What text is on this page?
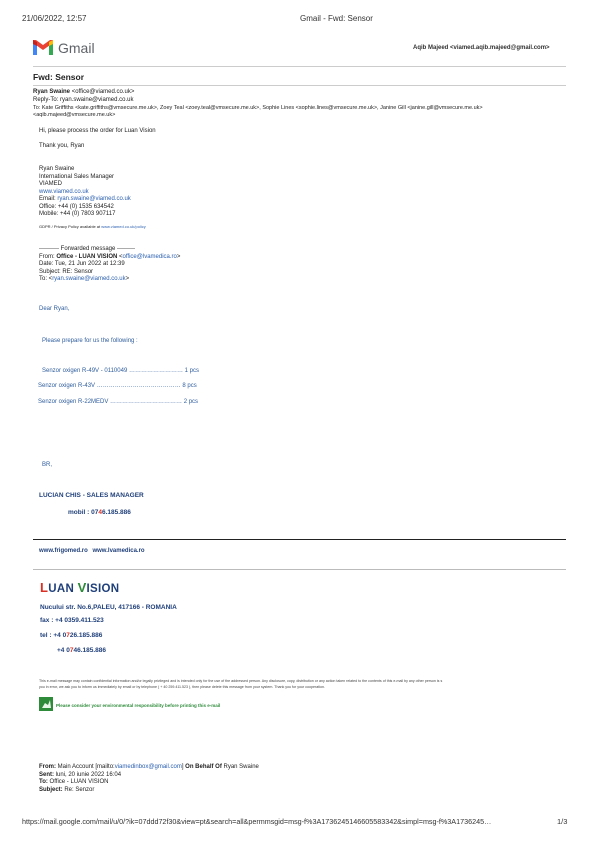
21/06/2022, 12:57	Gmail - Fwd: Sensor
Gmail	Aqib Majeed <viamed.aqib.majeed@gmail.com>
Fwd: Sensor
Ryan Swaine <office@viamed.co.uk>
Reply-To: ryan.swaine@viamed.co.uk
To: Kate Griffiths <kate.griffiths@vmsecure.me.uk>, Zoey Teal <zoey.teal@vmsecure.me.uk>, Sophie Lines <sophie.lines@vmsecure.me.uk>, Janine Gill <janine.gill@vmsecure.me.uk>
<aqib.majeed@vmsecure.me.uk>
Hi, please process the order for Luan Vision
Thank you, Ryan
Ryan Swaine
International Sales Manager
VIAMED
www.viamed.co.uk
Email: ryan.swaine@viamed.co.uk
Office: +44 (0) 1535 634542
Mobile: +44 (0) 7803 907117
GDPR / Privacy Policy available at www.viamed.co.uk/policy
---------- Forwarded message ---------
From: Office - LUAN VISION <office@lvamedica.ro>
Date: Tue, 21 Jun 2022 at 12:39
Subject: RE: Sensor
To: <ryan.swaine@viamed.co.uk>
Dear Ryan,
Please prepare for us the following :
Senzor oxigen R-49V - 0110049 ……………………… 1 pcs
Senzor oxigen R-43V …………………………………… 8 pcs
Senzor oxigen R-22MEDV ……………………………… 2 pcs
BR,
LUCIAN CHIS - SALES MANAGER
mobil : 0746.185.886
www.frigomed.ro www.lvamedica.ro
LUAN VISION
Nucului str. No.6,PALEU, 417166 - ROMANIA
fax : +4 0359.411.523
tel : +4 0726.185.886
+4 0746.185.886
This e-mail message may contain confidential information and/or legally privileged and is intended only for the use of the addressed person. Any disclosure, copy, distribution or any action taken related to the contents of this e-mail by any other person is s
you in error, we ask you to inform us immediately by email or by telephone ( + 40 259.411.523 ), then please delete this message from your system. Thank you for your cooperation.
Please consider your environmental responsibility before printing this e-mail
From: Main Account [mailto:viamedinbox@gmail.com] On Behalf Of Ryan Swaine
Sent: luni, 20 iunie 2022 16:04
To: Office - LUAN VISION
Subject: Re: Senzor
https://mail.google.com/mail/u/0/?ik=07ddd72f30&view=pt&search=all&permmsgid=msg-f%3A1736245146605583342&simpl=msg-f%3A1736245…	1/3
